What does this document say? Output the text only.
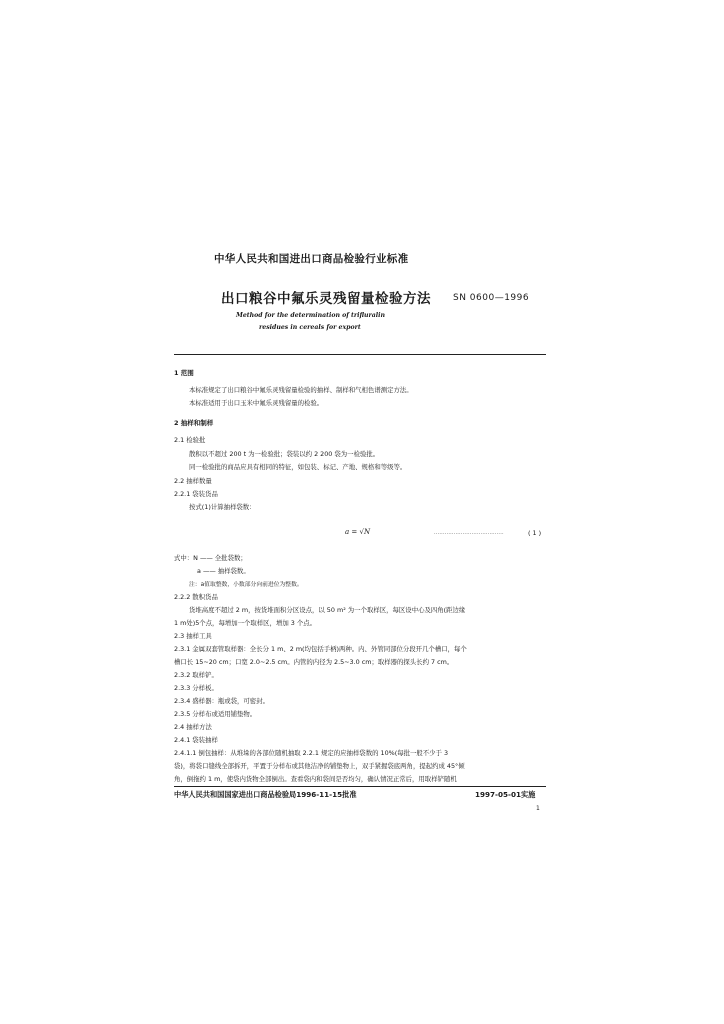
中华人民共和国进出口商品检验行业标准
出口粮谷中氟乐灵残留量检验方法 SN 0600—1996
Method for the determination of trifluralin
residues in cereals for export
1 范围
本标准规定了出口粮谷中氟乐灵残留量检验的抽样、制样和气相色谱测定方法。
本标准适用于出口玉米中氟乐灵残留量的检验。
2 抽样和制样
2.1 检验批
散积以不超过 200 t 为一检验批；袋装以约 2 200 袋为一检验批。
同一检验批的商品应具有相同的特征，如包装、标记、产地、规格和等级等。
2.2 抽样数量
2.2.1 袋装货品
按式(1)计算抽样袋数：
a = √N	·······································	( 1 )
式中：N —— 全批袋数；
a —— 抽样袋数。
注：a值取整数，小数部分向前进位为整数。
2.2.2 散积货品
货堆高度不超过 2 m，按货堆面积分区设点，以 50 m² 为一个取样区，每区设中心及四角(距边缘
1 m处)5个点，每增加一个取样区，增加 3 个点。
2.3 抽样工具
2.3.1 金属双套管取样器：全长分 1 m、2 m(均包括手柄)两种。内、外管同部位分段开几个槽口，每个
槽口长 15~20 cm；口宽 2.0~2.5 cm。内管的内径为 2.5~3.0 cm；取样器的探头长约 7 cm。
2.3.2 取样铲。
2.3.3 分样板。
2.3.4 盛样器：瓶或袋，可密封。
2.3.5 分样布或适用铺垫物。
2.4 抽样方法
2.4.1 袋装抽样
2.4.1.1 倒包抽样：从堆垛的各部位随机抽取 2.2.1 规定的应抽样袋数的 10%(每批一般不少于 3
袋)，将袋口缝线全部拆开，平置于分样布或其他洁净的铺垫物上，双手紧握袋底两角，提起约成 45°倾
角，倒拖约 1 m，使袋内货物全部倒出。查看袋内和袋间是否均匀，确认情况正常后，用取样铲随机
中华人民共和国国家进出口商品检验局1996-11-15批准	1997-05-01实施
1
